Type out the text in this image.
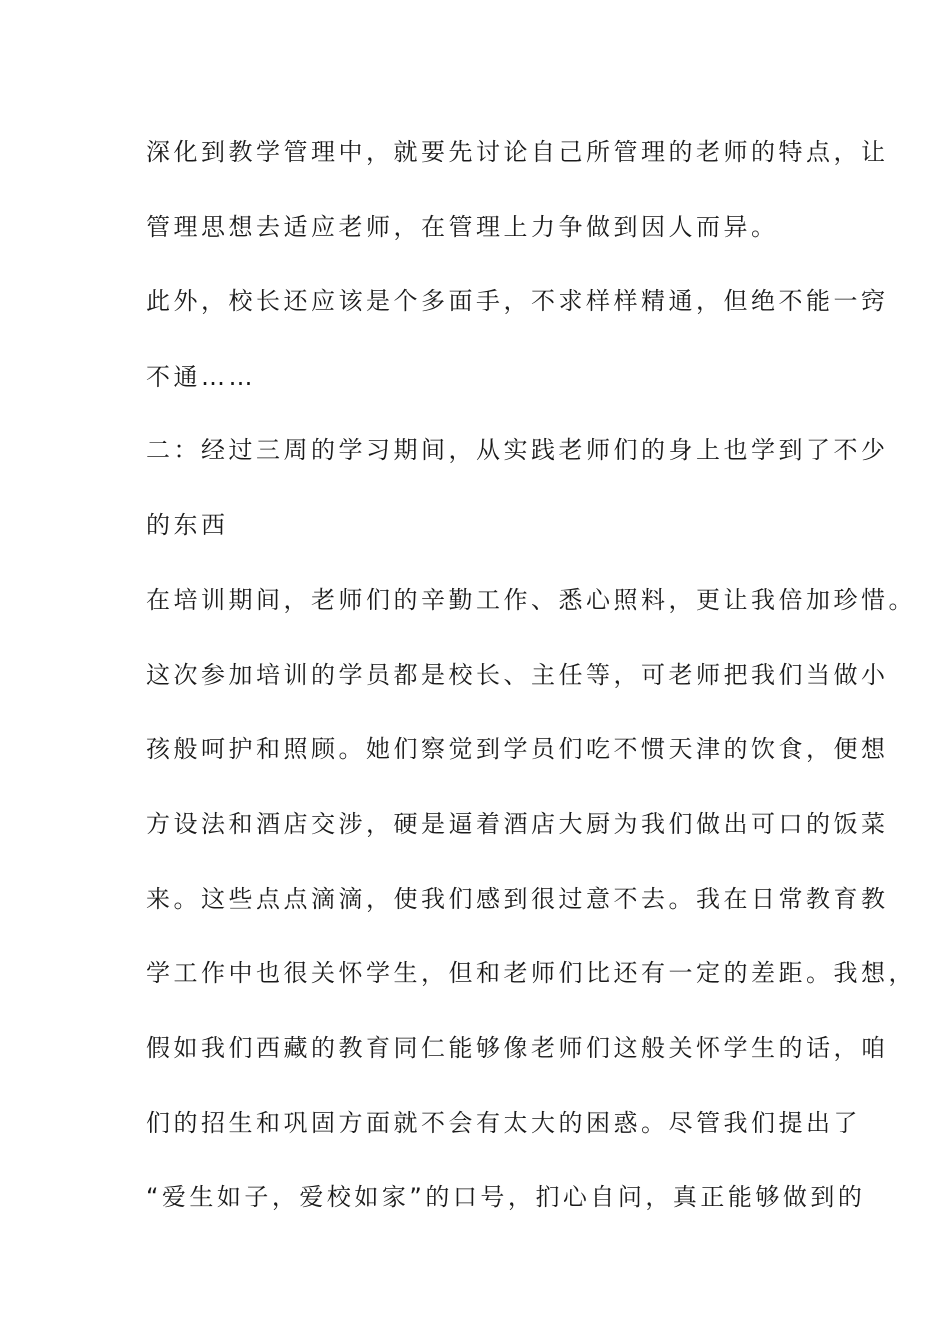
深化到教学管理中，就要先讨论自己所管理的老师的特点，让
管理思想去适应老师，在管理上力争做到因人而异。
此外，校长还应该是个多面手，不求样样精通，但绝不能一窍
不通……
二：经过三周的学习期间，从实践老师们的身上也学到了不少
的东西
在培训期间，老师们的辛勤工作、悉心照料，更让我倍加珍惜。
这次参加培训的学员都是校长、主任等，可老师把我们当做小
孩般呵护和照顾。她们察觉到学员们吃不惯天津的饮食，便想
方设法和酒店交涉，硬是逼着酒店大厨为我们做出可口的饭菜
来。这些点点滴滴，使我们感到很过意不去。我在日常教育教
学工作中也很关怀学生，但和老师们比还有一定的差距。我想，
假如我们西藏的教育同仁能够像老师们这般关怀学生的话，咱
们的招生和巩固方面就不会有太大的困惑。尽管我们提出了
“爱生如子，爱校如家”的口号，扪心自问，真正能够做到的
